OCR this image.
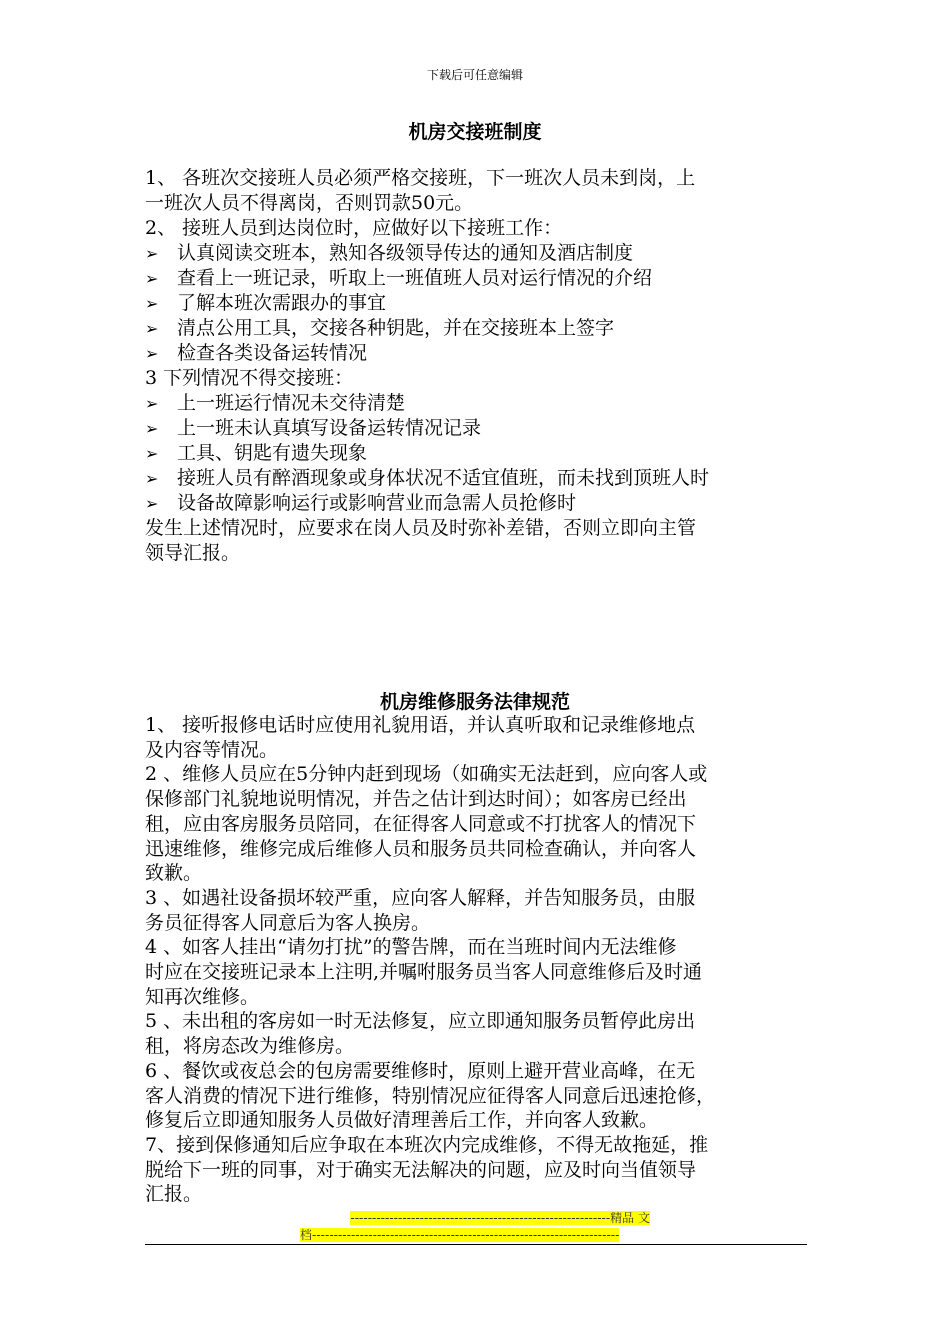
下载后可任意编辑
机房交接班制度
1、 各班次交接班人员必须严格交接班，下一班次人员未到岗，上
一班次人员不得离岗，否则罚款50元。
2、 接班人员到达岗位时，应做好以下接班工作：
➢ 认真阅读交班本，熟知各级领导传达的通知及酒店制度
➢ 查看上一班记录，听取上一班值班人员对运行情况的介绍
➢ 了解本班次需跟办的事宜
➢ 清点公用工具，交接各种钥匙，并在交接班本上签字
➢ 检查各类设备运转情况
3 下列情况不得交接班：
➢ 上一班运行情况未交待清楚
➢ 上一班未认真填写设备运转情况记录
➢ 工具、钥匙有遗失现象
➢ 接班人员有醉酒现象或身体状况不适宜值班，而未找到顶班人时
➢ 设备故障影响运行或影响营业而急需人员抢修时
发生上述情况时，应要求在岗人员及时弥补差错，否则立即向主管
领导汇报。
机房维修服务法律规范
1、 接听报修电话时应使用礼貌用语，并认真听取和记录维修地点
及内容等情况。
2 、维修人员应在5分钟内赶到现场（如确实无法赶到，应向客人或
保修部门礼貌地说明情况，并告之估计到达时间）；如客房已经出
租，应由客房服务员陪同，在征得客人同意或不打扰客人的情况下
迅速维修，维修完成后维修人员和服务员共同检查确认，并向客人
致歉。
3 、如遇社设备损坏较严重，应向客人解释，并告知服务员，由服
务员征得客人同意后为客人换房。
4 、如客人挂出“请勿打扰”的警告牌，而在当班时间内无法维修
时应在交接班记录本上注明,并嘱咐服务员当客人同意维修后及时通
知再次维修。
5 、未出租的客房如一时无法修复，应立即通知服务员暂停此房出
租，将房态改为维修房。
6 、餐饮或夜总会的包房需要维修时，原则上避开营业高峰，在无
客人消费的情况下进行维修，特别情况应征得客人同意后迅速抢修，
修复后立即通知服务人员做好清理善后工作，并向客人致歉。
7、接到保修通知后应争取在本班次内完成维修，不得无故拖延，推
脱给下一班的同事，对于确实无法解决的问题，应及时向当值领导
汇报。
------------------------------------------------------------精品 文
档-----------------------------------------------------------------------
